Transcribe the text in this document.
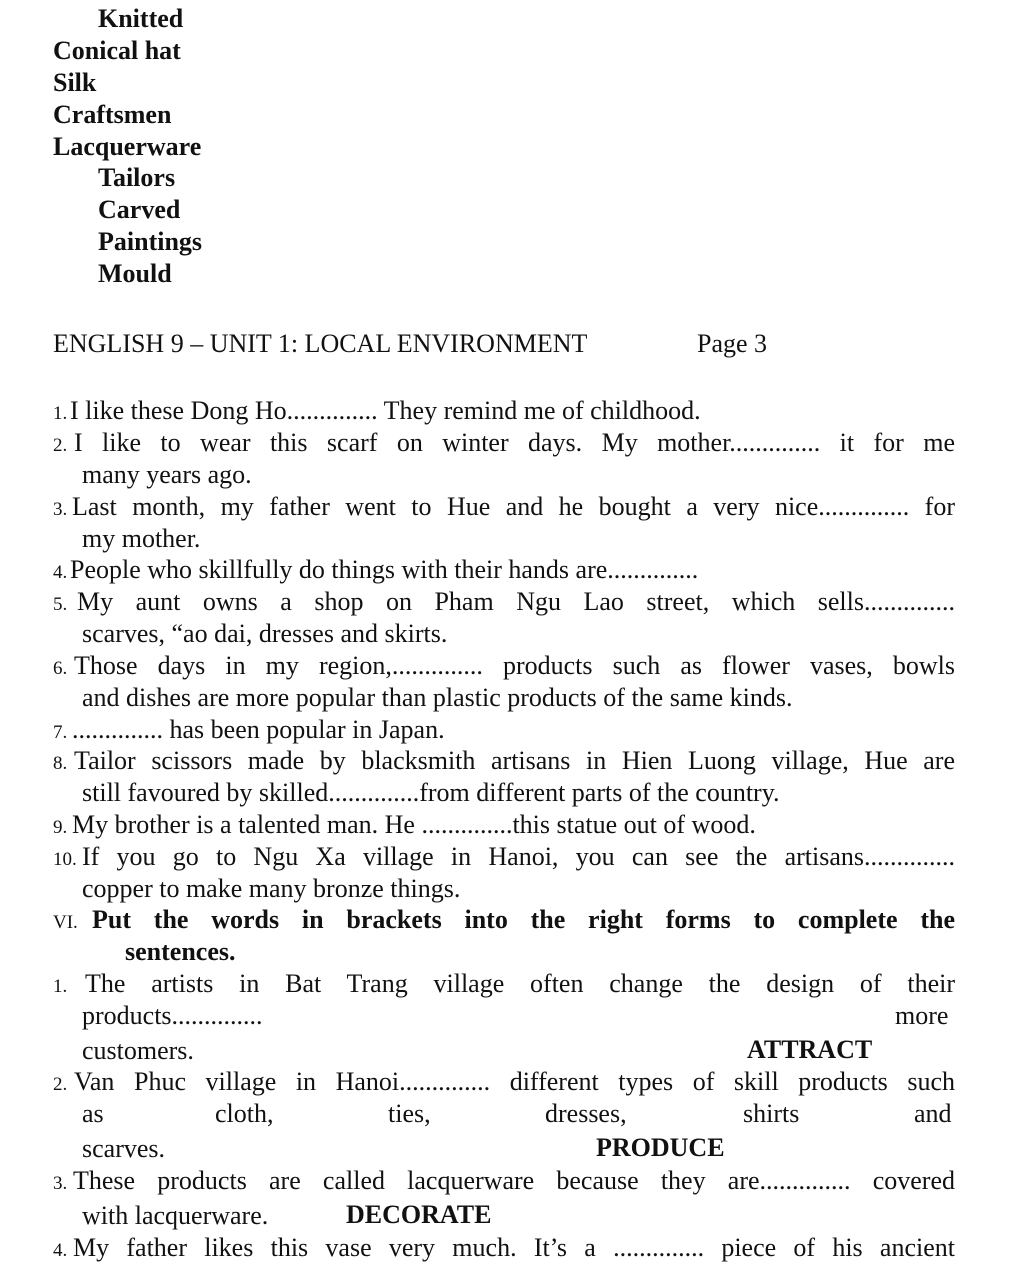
Knitted
Conical hat
Silk
Craftsmen
Lacquerware
Tailors
Carved
Paintings
Mould
ENGLISH 9 – UNIT 1: LOCAL ENVIRONMENT	Page 3
1. I like these Dong Ho.............. They remind me of childhood.
2. I like to wear this scarf on winter days. My mother.............. it for me
many years ago.
3. Last month, my father went to Hue and he bought a very nice.............. for
my mother.
4. People who skillfully do things with their hands are..............
5. My aunt owns a shop on Pham Ngu Lao street, which sells..............
scarves, “ao dai, dresses and skirts.
6. Those days in my region,.............. products such as flower vases, bowls
and dishes are more popular than plastic products of the same kinds.
7. .............. has been popular in Japan.
8. Tailor scissors made by blacksmith artisans in Hien Luong village, Hue are
still favoured by skilled..............from different parts of the country.
9. My brother is a talented man. He ..............this statue out of wood.
10. If you go to Ngu Xa village in Hanoi, you can see the artisans..............
copper to make many bronze things.
VI. Put the words in brackets into the right forms to complete the
sentences.
1. The artists in Bat Trang village often change the design of their
products..............	more
customers.	ATTRACT
2. Van Phuc village in Hanoi.............. different types of skill products such
as	cloth,	ties,	dresses,	shirts	and
scarves.	PRODUCE
3. These products are called lacquerware because they are.............. covered
with lacquerware.	DECORATE
4. My father likes this vase very much. It’s a .............. piece of his ancient
